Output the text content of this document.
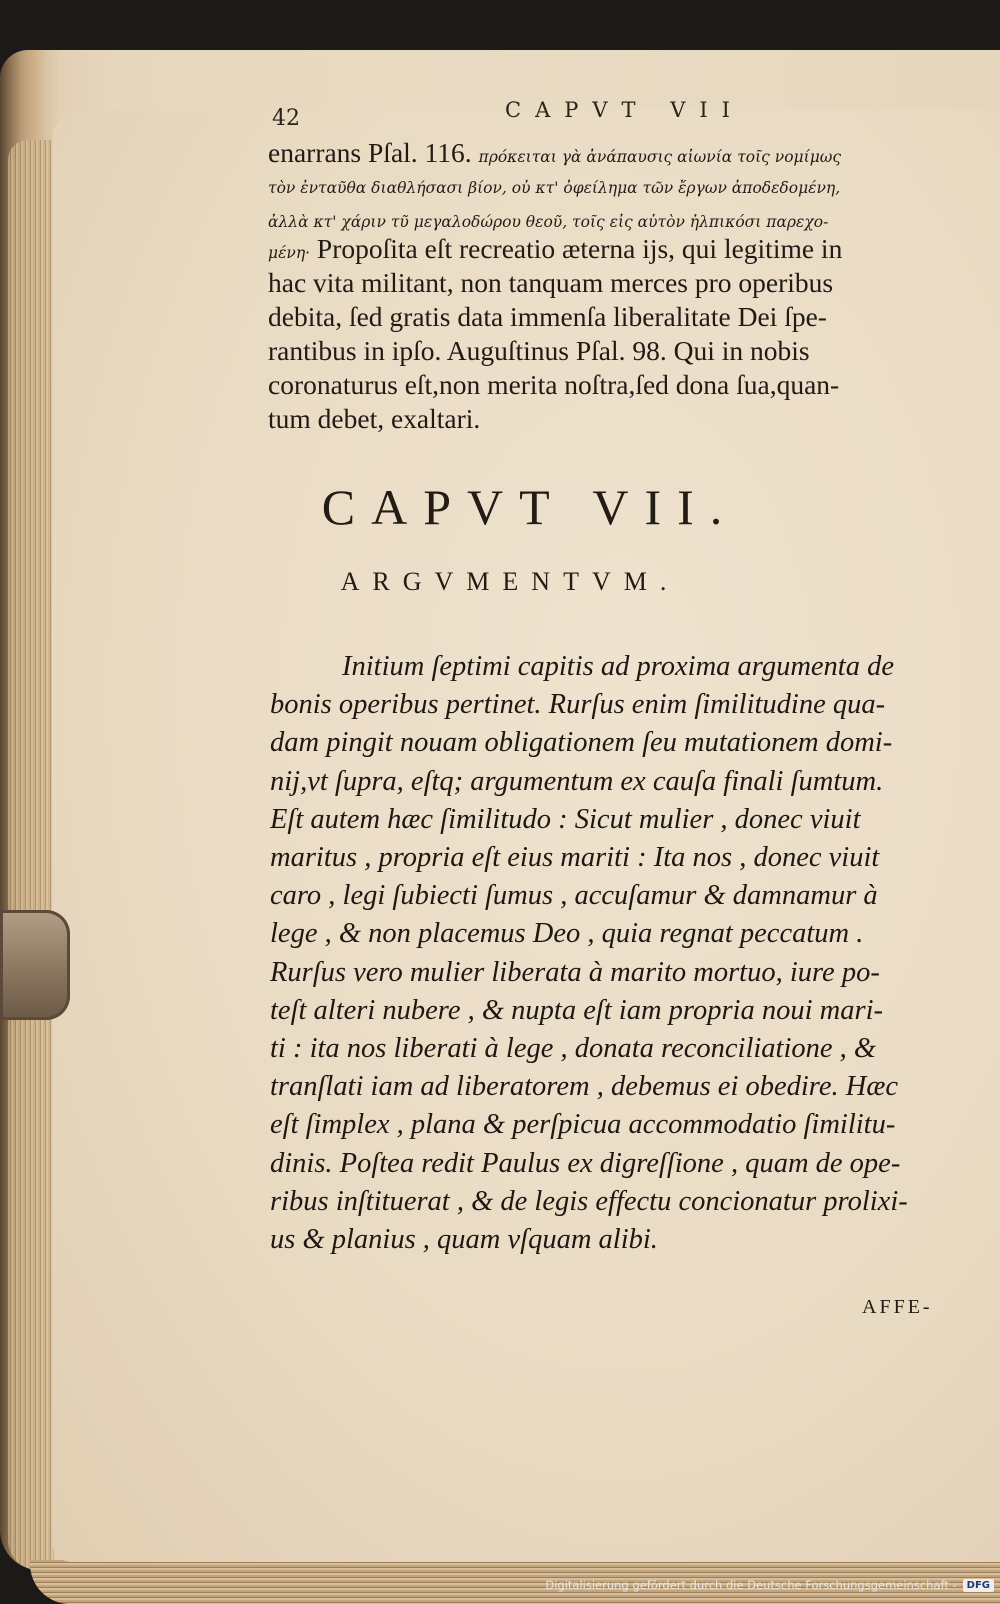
42	CAPVT VII
enarrans Pſal. 116. πρόκειται γὰ ἀνάπαυσις αἰωνία τοῖς νομίμως
τὸν ἐνταῦθα διαθλήσασι βίον, οὐ κτ' ὀφείλημα τῶν ἔργων ἀποδεδομένη,
ἀλλὰ κτ' χάριν τῦ μεγαλοδώρου θεοῦ, τοῖς εἰς αὐτὸν ἠλπικόσι παρεχο-
μένη· Propoſita eſt recreatio æterna ijs, qui legitime in
hac vita militant, non tanquam merces pro operibus
debita, ſed gratis data immenſa liberalitate Dei ſpe-
rantibus in ipſo. Auguſtinus Pſal. 98. Qui in nobis
coronaturus eſt,non merita noſtra,ſed dona ſua,quan-
tum debet, exaltari.
CAPVT VII.
ARGVMENTVM.
Initium ſeptimi capitis ad proxima argumenta de
bonis operibus pertinet. Rurſus enim ſimilitudine qua-
dam pingit nouam obligationem ſeu mutationem domi-
nij,vt ſupra, eſtq; argumentum ex cauſa finali ſumtum.
Eſt autem hæc ſimilitudo : Sicut mulier , donec viuit
maritus , propria eſt eius mariti : Ita nos , donec viuit
caro , legi ſubiecti ſumus , accuſamur & damnamur à
lege , & non placemus Deo , quia regnat peccatum .
Rurſus vero mulier liberata à marito mortuo, iure po-
teſt alteri nubere , & nupta eſt iam propria noui mari-
ti : ita nos liberati à lege , donata reconciliatione , &
tranſlati iam ad liberatorem , debemus ei obedire. Hæc
eſt ſimplex , plana & perſpicua accommodatio ſimilitu-
dinis. Poſtea redit Paulus ex digreſſione , quam de ope-
ribus inſtituerat , & de legis effectu concionatur prolixi-
us & planius , quam vſquam alibi.
AFFE-
Digitalisierung gefördert durch die Deutsche Forschungsgemeinschaft -	DFG
